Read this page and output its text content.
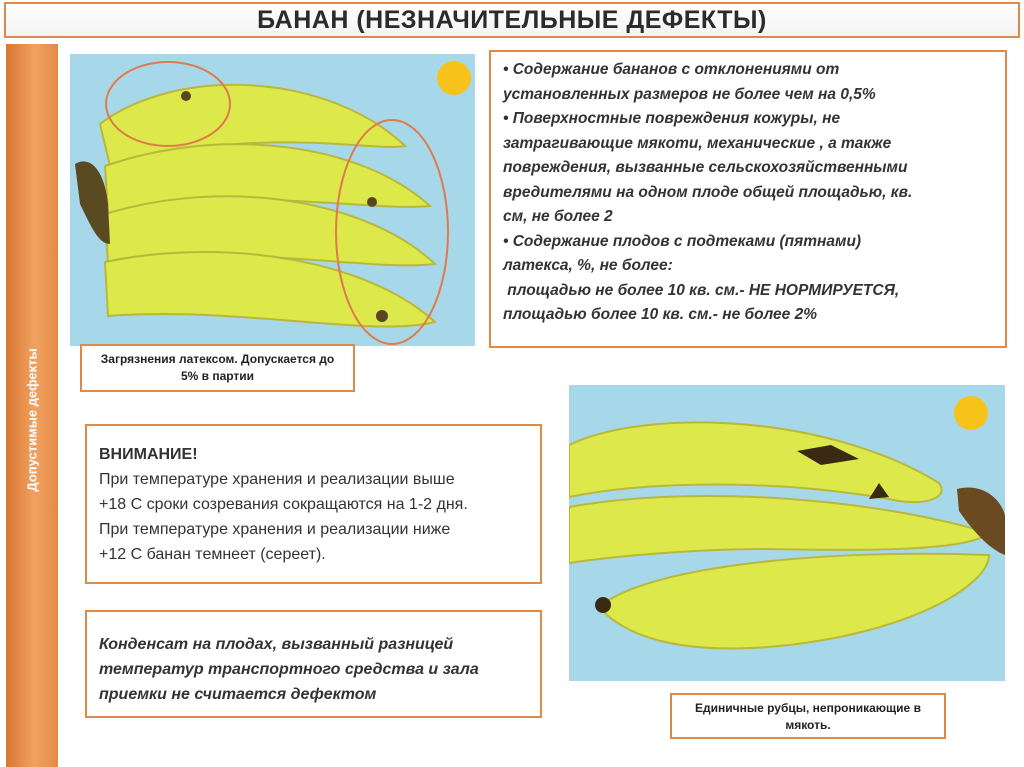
БАНАН (НЕЗНАЧИТЕЛЬНЫЕ ДЕФЕКТЫ)
Допустимые дефекты	Загрязнения латексом. Допускается до
5% в партии

• Содержание бананов с отклонениями от

установленных размеров не более чем на 0,5%

• Поверхностные повреждения кожуры, не

затрагивающие мякоти, механические , а также

повреждения, вызванные сельскохозяйственными

вредителями на одном плоде общей площадью, кв.

см, не более 2

• Содержание плодов с подтеками (пятнами)

латекса, %, не более:

площадью не более 10 кв. см.- НЕ НОРМИРУЕТСЯ,

площадью более 10 кв. см.- не более 2%

ВНИМАНИЕ!

При температуре хранения и реализации выше

+18 С сроки созревания сокращаются на 1-2 дня.

При температуре хранения и реализации ниже

+12 С банан темнеет (сереет).

Конденсат на плодах, вызванный разницей

температур транспортного средства и зала

приемки не считается дефектом

Единичные рубцы, непроникающие в
мякоть.
